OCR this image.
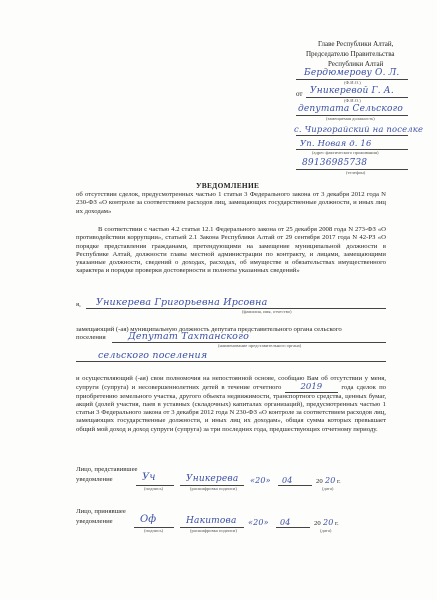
Главе Республики Алтай,
Председателю Правительства
Республики Алтай
Бердюмерову О. Л.
(Ф.И.О.)
от Уникеревой Г. А.
(Ф.И.О.)
депутата Сельского
(замещаемая должность)
с. Чиргорайский на поселке
Уп. Новая д. 16
(адрес фактического проживания)
89136985738
(телефон)
УВЕДОМЛЕНИЕ
об отсутствии сделок, предусмотренных частью 1 статьи 3 Федерального закона от 3 декабря 2012 года N 230-ФЗ «О контроле за соответствием расходов лиц, замещающих государственные должности, и иных лиц их доходам»
В соответствии с частью 4.2 статьи 12.1 Федерального закона от 25 декабря 2008 года N 273-ФЗ «О противодействии коррупции», статьей 2.1 Закона Республики Алтай от 29 сентября 2017 года N 42-РЗ «О порядке представления гражданами, претендующими на замещение муниципальной должности в Республике Алтай, должности главы местной администрации по контракту, и лицами, замещающими указанные должности, сведений о доходах, расходах, об имуществе и обязательствах имущественного характера и порядке проверки достоверности и полноты указанных сведений»
я, Уникерева Григорьевна Ирсовна
(фамилия, имя, отчество)
замещающий (-ая) муниципальную должность депутата представительного органа сельского
поселения Депутат Тахтанского
(наименование представительного органа)
сельского поселения
и осуществляющий (-ая) свои полномочия на непостоянной основе, сообщаю Вам об отсутствии у меня, супруги (супруга) и несовершеннолетних детей в течение отчетного 2019	года сделок по приобретению земельного участка, другого объекта недвижимости, транспортного средства, ценных бумаг, акций (долей участия, паев в уставных (складочных) капиталах организаций), предусмотренных частью 1 статьи 3 Федерального закона от 3 декабря 2012 года N 230-ФЗ «О контроле за соответствием расходов лиц, замещающих государственные должности, и иных лиц их доходам», общая сумма которых превышает общий мой доход и доход супруги (супруга) за три последних года, предшествующих отчетному периоду.
Лицо, представившее
уведомление	Уч
(подпись)
Уникерева
(расшифровка подписи)
«20» 04	20 20 г.
(дата)
Лицо, принявшее
уведомление	Оф
(подпись)
Накитова
(расшифровка подписи)
«20» 04	20 20 г.
(дата)
